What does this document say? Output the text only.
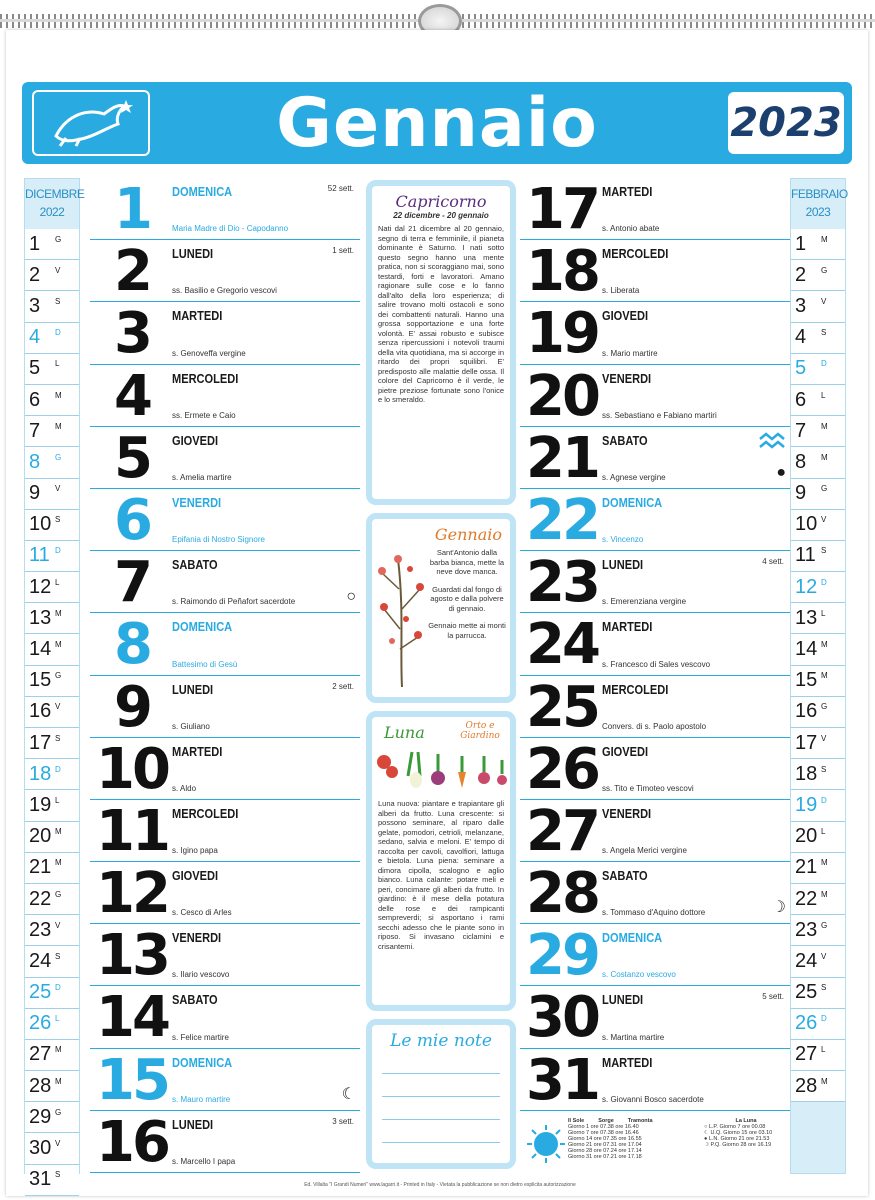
Gennaio	2023
DICEMBRE
2022
1	G
2	V
3	S
4	D
5	L
6	M
7	M
8	G
9	V
10 S
11 D
12 L
13 M
14 M
15 G
16 V
17 S
18 D
19 L
20 M
21 M
22 G
23 V
24 S
25 D
26 L
27 M
28 M
29 G
30 V
31 S
FEBBRAIO
2023
1	M
2	G
3	V
4	S
5	D
6	L
7	M
8	M
9	G
10 V
11 S
12 D
13 L
14 M
15 M
16 G
17 V
18 S
19 D
20 L
21 M
22 M
23 G
24 V
25 S
26 D
27 L
28 M
1	DOMENICA
Maria Madre di Dio - Capodanno
52 sett.
2	LUNEDI
ss. Basilio e Gregorio vescovi
1 sett.
3	MARTEDI
s. Genoveffa vergine
4	MERCOLEDI
ss. Ermete e Caio
5	GIOVEDI
s. Amelia martire
6	VENERDI
Epifania di Nostro Signore
7	SABATO
s. Raimondo di Peñafort sacerdote	○
8	DOMENICA
Battesimo di Gesù
9	LUNEDI
s. Giuliano
2 sett.
10 MARTEDI
s. Aldo
11 MERCOLEDI
s. Igino papa
12 GIOVEDI
s. Cesco di Arles
13 VENERDI
s. Ilario vescovo
14 SABATO
s. Felice martire
15 DOMENICA
s. Mauro martire	☾
16 LUNEDI
s. Marcello I papa
3 sett.
17 MARTEDI
s. Antonio abate
18 MERCOLEDI
s. Liberata
19 GIOVEDI
s. Mario martire
20 VENERDI
ss. Sebastiano e Fabiano martiri
21 SABATO
s. Agnese vergine	●
22 DOMENICA
s. Vincenzo
23 LUNEDI
s. Emerenziana vergine
4 sett.
24 MARTEDI
s. Francesco di Sales vescovo
25 MERCOLEDI
Convers. di s. Paolo apostolo
26 GIOVEDI
ss. Tito e Timoteo vescovi
27 VENERDI
s. Angela Merici vergine
28 SABATO
s. Tommaso d'Aquino dottore	☽
29 DOMENICA
s. Costanzo vescovo
30 LUNEDI
s. Martina martire
5 sett.
31 MARTEDI
s. Giovanni Bosco sacerdote
Capricorno
22 dicembre - 20 gennaio
Nati dal 21 dicembre al 20 gennaio, segno di terra e femminile, il pianeta dominante è Saturno. I nati sotto questo segno hanno una mente pratica, non si scoraggiano mai, sono testardi, forti e lavoratori. Amano ragionare sulle cose e lo fanno dall'alto della loro esperienza; di salire trovano molti ostacoli e sono dei combattenti naturali. Hanno una grossa sopportazione e una forte volontà. E' assai robusto e subisce senza ripercussioni i notevoli traumi della vita quotidiana, ma si accorge in ritardo dei propri squilibri. E' predisposto alle malattie delle ossa. Il colore del Capricorno è il verde, le pietre preziose fortunate sono l'onice e lo smeraldo.
Gennaio
Sant'Antonio dalla barba bianca, mette la neve dove manca.
Guardati dal fongo di agosto e dalla polvere di gennaio.
Gennaio mette ai monti la parrucca.
Luna	Orto e Giardino
Luna nuova: piantare e trapiantare gli alberi da frutto. Luna crescente: si possono seminare, al riparo dalle gelate, pomodori, cetrioli, melanzane, sedano, salvia e meloni. E' tempo di raccolta per cavoli, cavolfiori, lattuga e bietola. Luna piena: seminare a dimora cipolla, scalogno e aglio bianco. Luna calante: potare meli e peri, concimare gli alberi da frutto. In giardino: è il mese della potatura delle rose e dei rampicanti sempreverdi; si asportano i rami secchi adesso che le piante sono in riposo. Si invasano ciclamini e crisantemi.
Le mie note
Il Sole	Sorge	Tramonta
Giorno 1 ore 07.38 ore 16.40
Giorno 7 ore 07.38 ore 16.46
Giorno 14 ore 07.35 ore 16.55
Giorno 21 ore 07.31 ore 17.04
Giorno 28 ore 07.24 ore 17.14
Giorno 31 ore 07.21 ore 17.18
La Luna
○ L.P. Giorno 7 ore 00.08
☾ U.Q. Giorno 15 ore 03.10
● L.N. Giorno 21 ore 21.53
☽ P.Q. Giorno 28 ore 16.19
Ed. Villalta "I Grandi Numeri" www.lagarri.it - Printed in Italy - Vietata la pubblicazione se non dietro esplicita autorizzazione
